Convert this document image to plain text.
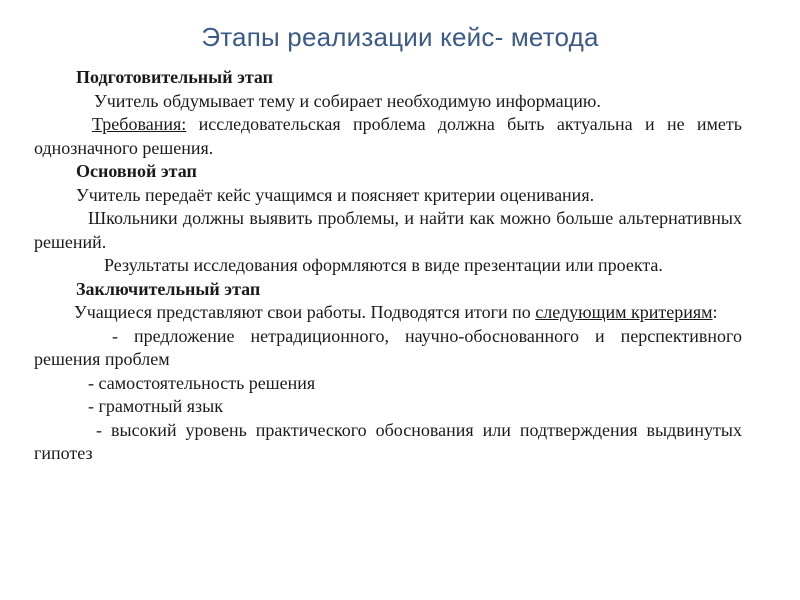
Этапы реализации кейс- метода

Подготовительный этап

Учитель обдумывает тему и собирает необходимую информацию.

Требования: исследовательская проблема должна быть актуальна и не иметь однозначного решения.

Основной этап

Учитель передаёт кейс учащимся и поясняет критерии оценивания.

Школьники должны выявить проблемы, и найти как можно больше альтернативных решений.

Результаты исследования оформляются в виде презентации или проекта.

Заключительный этап

Учащиеся представляют свои работы. Подводятся итоги по следующим критериям:

- предложение нетрадиционного, научно-обоснованного и перспективного решения проблем

- самостоятельность решения

- грамотный язык

- высокий уровень практического обоснования или подтверждения выдвинутых гипотез
